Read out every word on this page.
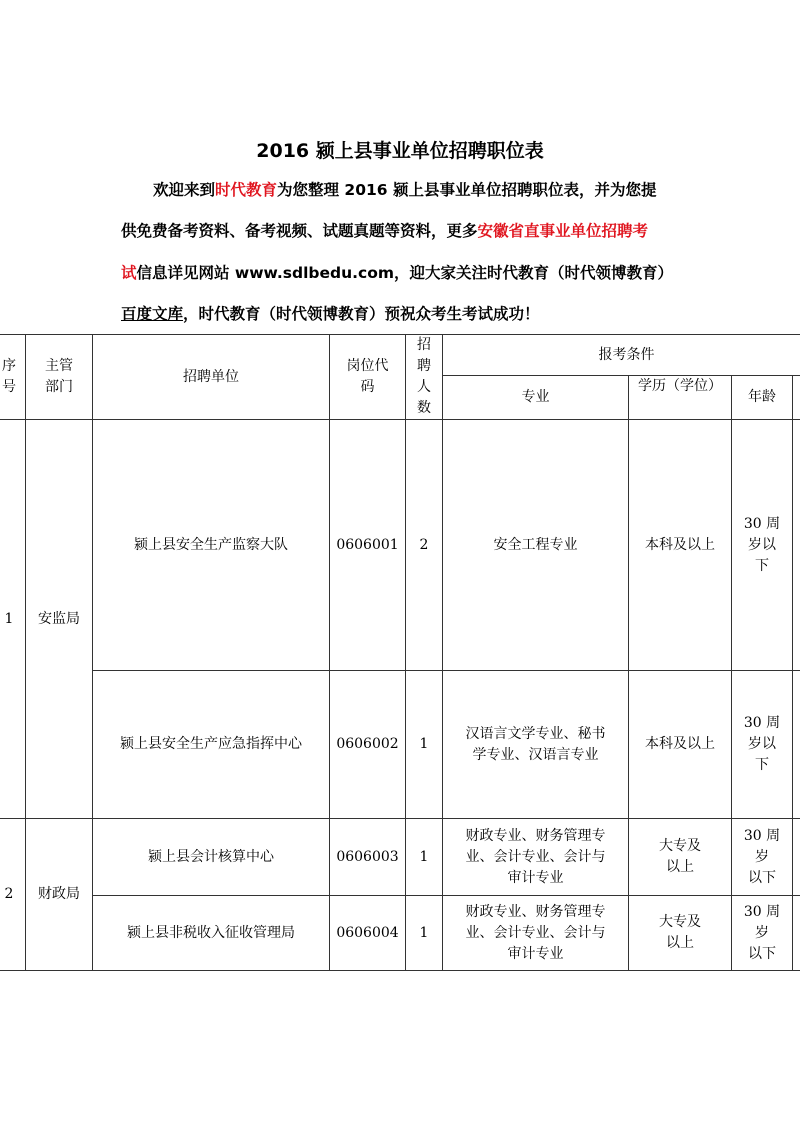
2016 颍上县事业单位招聘职位表
欢迎来到时代教育为您整理 2016 颍上县事业单位招聘职位表，并为您提
供免费备考资料、备考视频、试题真题等资料，更多安徽省直事业单位招聘考
试信息详见网站 www.sdlbedu.com，迎大家关注时代教育（时代领博教育）
百度文库，时代教育（时代领博教育）预祝众考生考试成功！
序
号	主管
部门	招聘单位	岗位代
码	招
聘
人
数	报考条件			
					专业	学历（学位）	年龄	
1	安监局	颍上县安全生产监察大队	0606001	2	安全工程专业	本科及以上	30 周
岁以
下	
		颍上县安全生产应急指挥中心	0606002	1	汉语言文学专业、秘书
学专业、汉语言专业	本科及以上	30 周
岁以
下	
2	财政局	颍上县会计核算中心	0606003	1	财政专业、财务管理专
业、会计专业、会计与
审计专业	大专及
以上	30 周
岁
以下	
		颍上县非税收入征收管理局	0606004	1	财政专业、财务管理专
业、会计专业、会计与
审计专业	大专及
以上	30 周
岁
以下	
